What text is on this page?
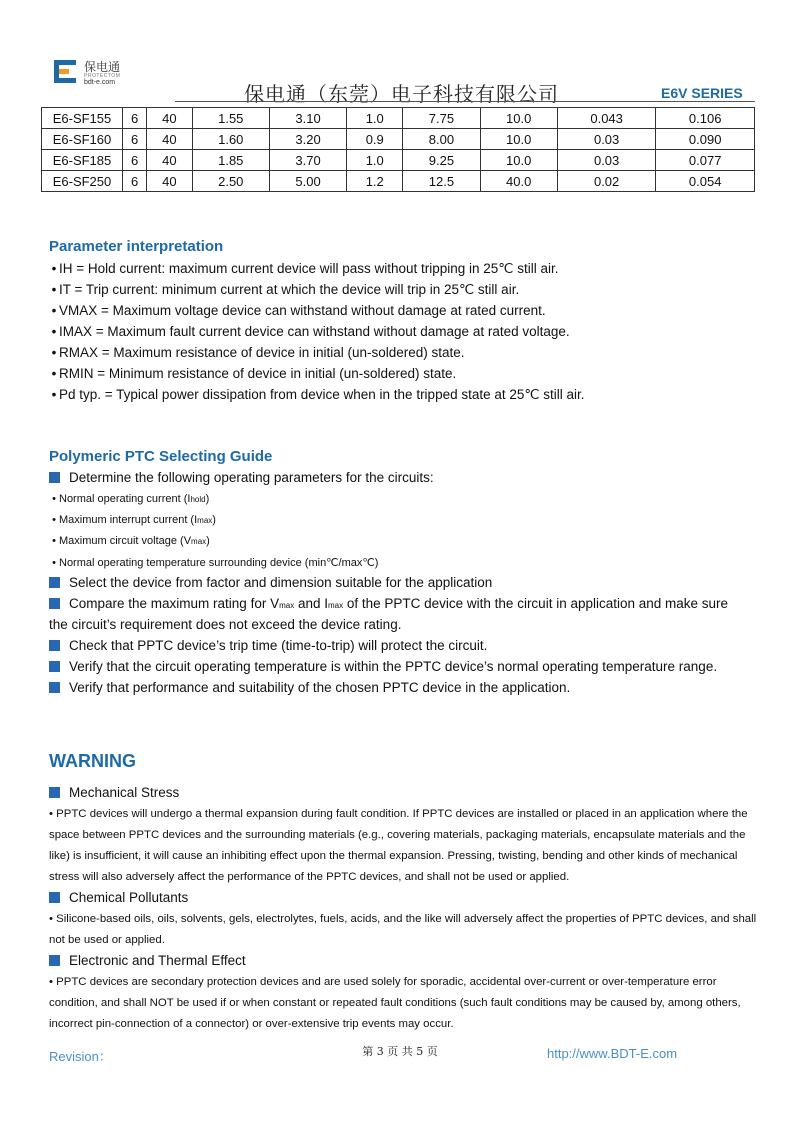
保电通
PROTECTOM
bdt-e.com	保电通（东莞）电子科技有限公司	E6V SERIES
E6-SF155	6	40	1.55	3.10	1.0	7.75	10.0	0.043	0.106
E6-SF160	6	40	1.60	3.20	0.9	8.00	10.0	0.03	0.090
E6-SF185	6	40	1.85	3.70	1.0	9.25	10.0	0.03	0.077
E6-SF250	6	40	2.50	5.00	1.2	12.5	40.0	0.02	0.054
Parameter interpretation
• IH = Hold current: maximum current device will pass without tripping in 25℃ still air.
• IT = Trip current: minimum current at which the device will trip in 25℃ still air.
• VMAX = Maximum voltage device can withstand without damage at rated current.
• IMAX = Maximum fault current device can withstand without damage at rated voltage.
• RMAX = Maximum resistance of device in initial (un-soldered) state.
• RMIN = Minimum resistance of device in initial (un-soldered) state.
• Pd typ. = Typical power dissipation from device when in the tripped state at 25℃ still air.
Polymeric PTC Selecting Guide
Determine the following operating parameters for the circuits:
• Normal operating current (Ihold)
• Maximum interrupt current (Imax)
• Maximum circuit voltage (Vmax)
• Normal operating temperature surrounding device (min℃/max℃)
Select the device from factor and dimension suitable for the application
Compare the maximum rating for Vmax and Imax of the PPTC device with the circuit in application and make sure
the circuit’s requirement does not exceed the device rating.
Check that PPTC device’s trip time (time-to-trip) will protect the circuit.
Verify that the circuit operating temperature is within the PPTC device’s normal operating temperature range.
Verify that performance and suitability of the chosen PPTC device in the application.
WARNING
Mechanical Stress
• PPTC devices will undergo a thermal expansion during fault condition. If PPTC devices are installed or placed in an application where the space between PPTC devices and the surrounding materials (e.g., covering materials, packaging materials, encapsulate materials and the like) is insufficient, it will cause an inhibiting effect upon the thermal expansion. Pressing, twisting, bending and other kinds of mechanical stress will also adversely affect the performance of the PPTC devices, and shall not be used or applied.
Chemical Pollutants
• Silicone-based oils, oils, solvents, gels, electrolytes, fuels, acids, and the like will adversely affect the properties of PPTC devices, and shall not be used or applied.
Electronic and Thermal Effect
• PPTC devices are secondary protection devices and are used solely for sporadic, accidental over-current or over-temperature error condition, and shall NOT be used if or when constant or repeated fault conditions (such fault conditions may be caused by, among others, incorrect pin-connection of a connector) or over-extensive trip events may occur.
Revision：	第 3 页 共 5 页	http://www.BDT-E.com
